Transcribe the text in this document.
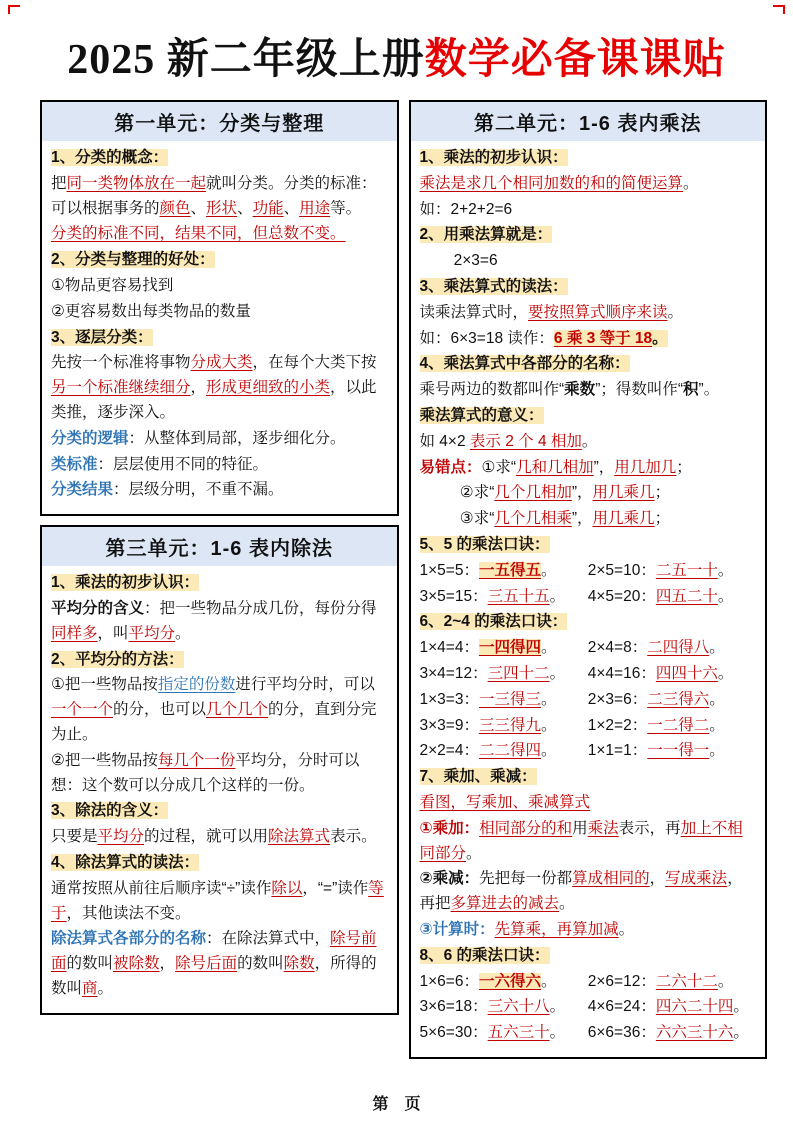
2025 新二年级上册数学必备课课贴
第一单元：分类与整理

1、分类的概念：

把同一类物体放在一起就叫分类。分类的标准：可以根据事务的颜色、形状、功能、用途等。

分类的标准不同，结果不同，但总数不变。

2、分类与整理的好处：

①物品更容易找到

②更容易数出每类物品的数量

3、逐层分类：

先按一个标准将事物分成大类，在每个大类下按另一个标准继续细分，形成更细致的小类，以此类推，逐步深入。

分类的逻辑：从整体到局部，逐步细化分。

类标准：层层使用不同的特征。

分类结果：层级分明，不重不漏。

第三单元：1-6 表内除法

1、乘法的初步认识：

平均分的含义：把一些物品分成几份，每份分得同样多，叫平均分。

2、平均分的方法：

①把一些物品按指定的份数进行平均分时，可以一个一个的分，也可以几个几个的分，直到分完为止。

②把一些物品按每几个一份平均分，分时可以想：这个数可以分成几个这样的一份。

3、除法的含义：

只要是平均分的过程，就可以用除法算式表示。

4、除法算式的读法：

通常按照从前往后顺序读“÷”读作除以，“=”读作等于，其他读法不变。

除法算式各部分的名称：在除法算式中，除号前面的数叫被除数，除号后面的数叫除数，所得的数叫商。

第二单元：1-6 表内乘法

1、乘法的初步认识：

乘法是求几个相同加数的和的简便运算。

如：2+2+2=6

2、用乘法算就是：

2×3=6

3、乘法算式的读法：

读乘法算式时，要按照算式顺序来读。

如：6×3=18 读作：6 乘 3 等于 18。

4、乘法算式中各部分的名称：

乘号两边的数都叫作“乘数”；得数叫作“积”。

乘法算式的意义：

如 4×2 表示 2 个 4 相加。

易错点：①求“几和几相加”，用几加几；

②求“几个几相加”，用几乘几；

③求“几个几相乘”，用几乘几；

5、5 的乘法口诀：

1×5=5：一五得五。	2×5=10：二五一十。
3×5=15：三五十五。	4×5=20：四五二十。

6、2~4 的乘法口诀：

1×4=4：一四得四。	2×4=8：二四得八。
3×4=12：三四十二。	4×4=16：四四十六。
1×3=3：一三得三。	2×3=6：二三得六。
3×3=9：三三得九。	1×2=2：一二得二。
2×2=4：二二得四。	1×1=1：一一得一。

7、乘加、乘减：

看图，写乘加、乘减算式

①乘加：相同部分的和用乘法表示，再加上不相同部分。

②乘减：先把每一份都算成相同的，写成乘法，再把多算进去的减去。

③计算时：先算乘，再算加减。

8、6 的乘法口诀：

1×6=6：一六得六。	2×6=12：二六十二。
3×6=18：三六十八。	4×6=24：四六二十四。
5×6=30：五六三十。	6×6=36：六六三十六。
第　页
